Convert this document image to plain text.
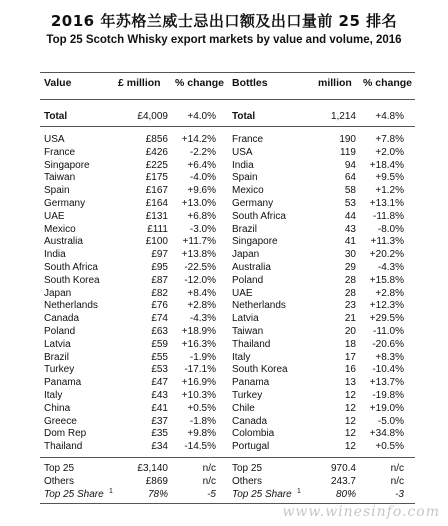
2016 年苏格兰威士忌出口额及出口量前 25 排名
Top 25 Scotch Whisky export markets by value and volume, 2016
Value	£ million % change Bottles	million % change
Total	£4,009 +4.0% Total	1,214 +4.8%
USA	£856 +14.2% France	190 +7.8%
France	£426 -2.2% USA	119 +2.0%
Singapore	£225 +6.4% India	94 +18.4%
Taiwan	£175 -4.0% Spain	64 +9.5%
Spain	£167 +9.6% Mexico	58 +1.2%
Germany	£164 +13.0% Germany	53 +13.1%
UAE	£131 +6.8% South Africa	44 -11.8%
Mexico	£111 -3.0% Brazil	43 -8.0%
Australia	£100 +11.7% Singapore	41 +11.3%
India	£97 +13.8% Japan	30 +20.2%
South Africa	£95 -22.5% Australia	29 -4.3%
South Korea	£87 -12.0% Poland	28 +15.8%
Japan	£82 +8.4% UAE	28 +2.8%
Netherlands	£76 +2.8% Netherlands	23 +12.3%
Canada	£74 -4.3% Latvia	21 +29.5%
Poland	£63 +18.9% Taiwan	20 -11.0%
Latvia	£59 +16.3% Thailand	18 -20.6%
Brazil	£55 -1.9% Italy	17 +8.3%
Turkey	£53 -17.1% South Korea	16 -10.4%
Panama	£47 +16.9% Panama	13 +13.7%
Italy	£43 +10.3% Turkey	12 -19.8%
China	£41 +0.5% Chile	12 +19.0%
Greece	£37 -1.8% Canada	12 -5.0%
Dom Rep	£35 +9.8% Colombia	12 +34.8%
Thailand	£34 -14.5% Portugal	12 +0.5%
Top 25	£3,140	n/c Top 25	970.4	n/c
Others	£869	n/c Others	243.7	n/c
Top 25 Share 1	78%	-5 Top 25 Share	80%	-3
1
www.winesinfo.com
